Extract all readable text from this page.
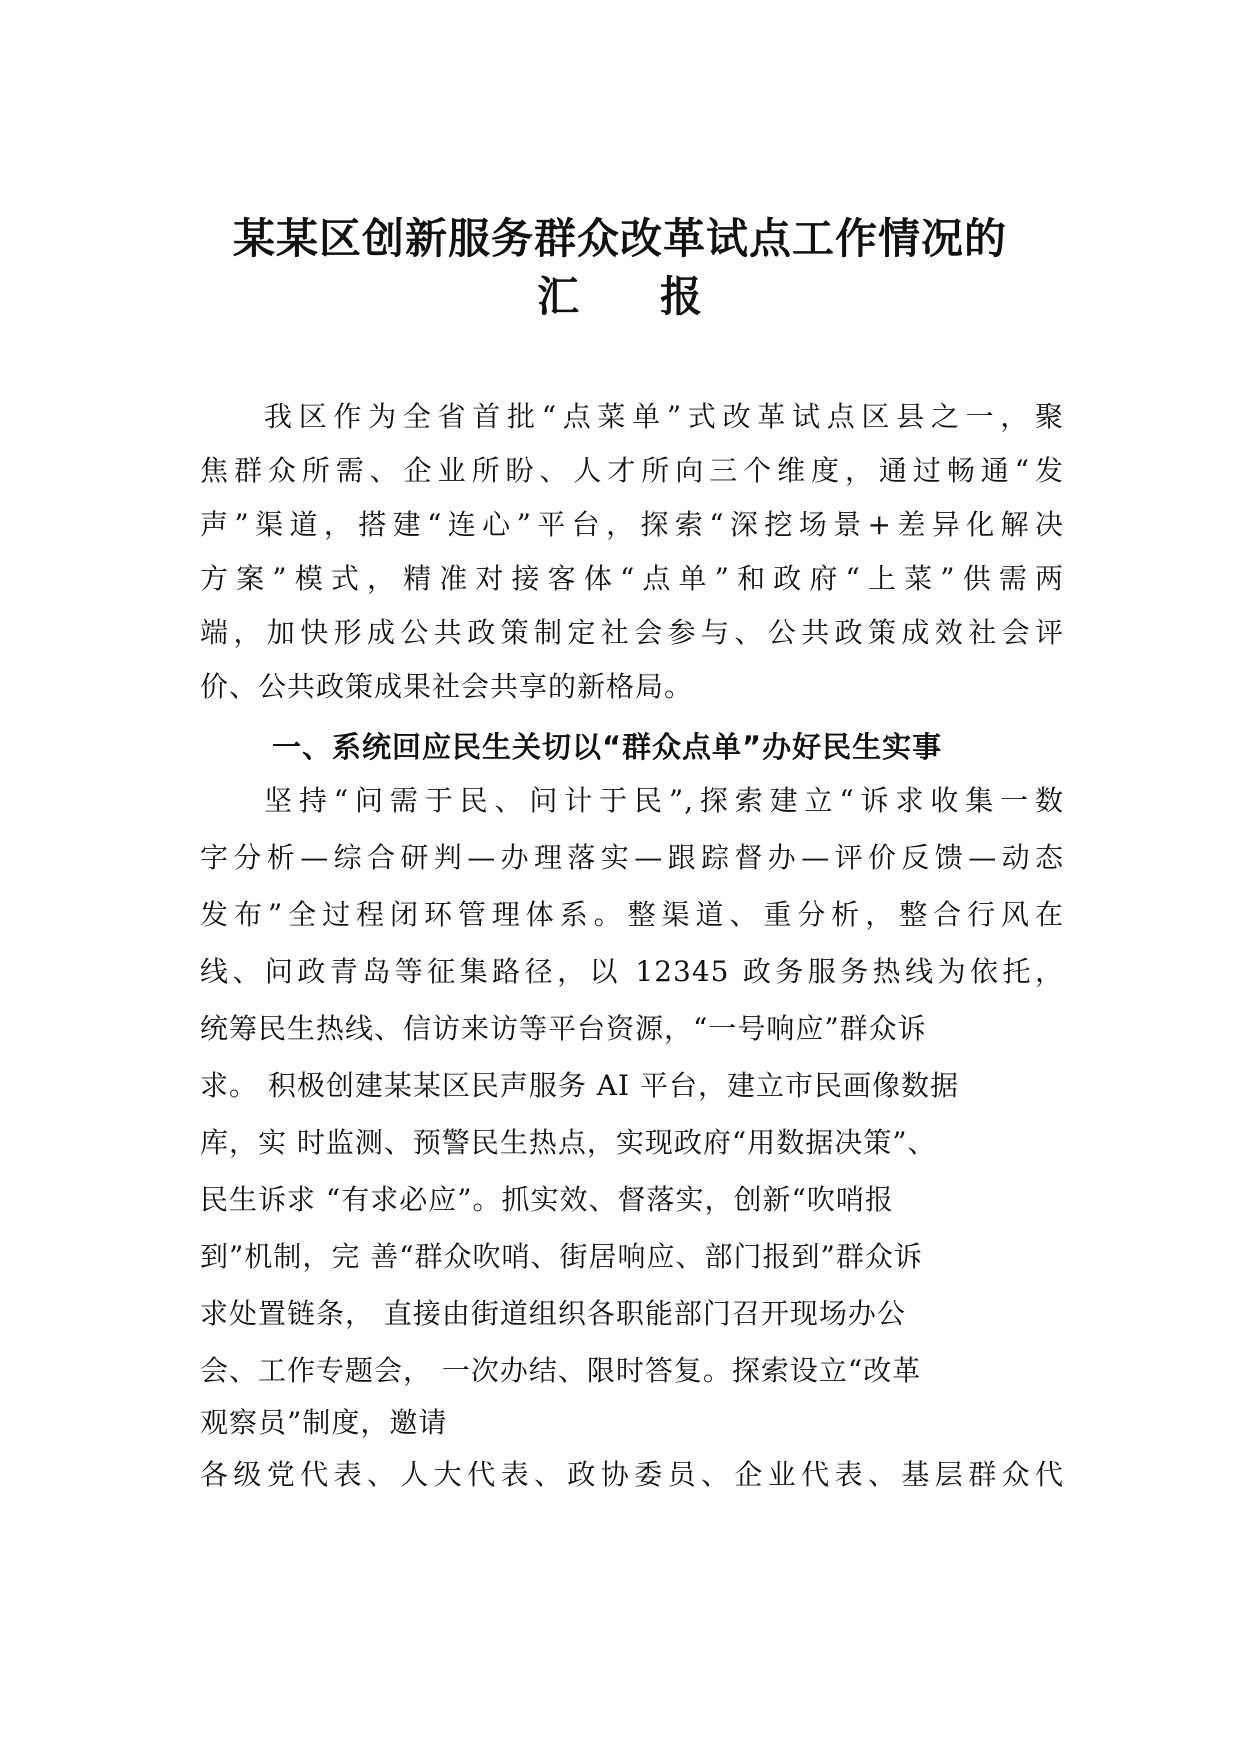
某某区创新服务群众改革试点工作情况的
汇 报
我区作为全省首批“点菜单”式改革试点区县之一，聚
焦群众所需、企业所盼、人才所向三个维度，通过畅通“发
声”渠道，搭建“连心”平台，探索“深挖场景+差异化解决
方案”模式，精准对接客体“点单”和政府“上菜”供需两
端，加快形成公共政策制定社会参与、公共政策成效社会评
价、公共政策成果社会共享的新格局。
一、系统回应民生关切以“群众点单”办好民生实事
坚持“问需于民、问计于民”,探索建立“诉求收集一数
字分析—综合研判—办理落实—跟踪督办—评价反馈—动态
发布”全过程闭环管理体系。整渠道、重分析，整合行风在
线、问政青岛等征集路径，以 12345 政务服务热线为依托，
统筹民生热线、信访来访等平台资源，“一号响应”群众诉
求。 积极创建某某区民声服务 AI 平台，建立市民画像数据
库，实 时监测、预警民生热点，实现政府“用数据决策”、
民生诉求 “有求必应”。抓实效、督落实，创新“吹哨报
到”机制，完 善“群众吹哨、街居响应、部门报到”群众诉
求处置链条， 直接由街道组织各职能部门召开现场办公
会、工作专题会， 一次办结、限时答复。探索设立“改革
观察员”制度，邀请
各级党代表、人大代表、政协委员、企业代表、基层群众代
